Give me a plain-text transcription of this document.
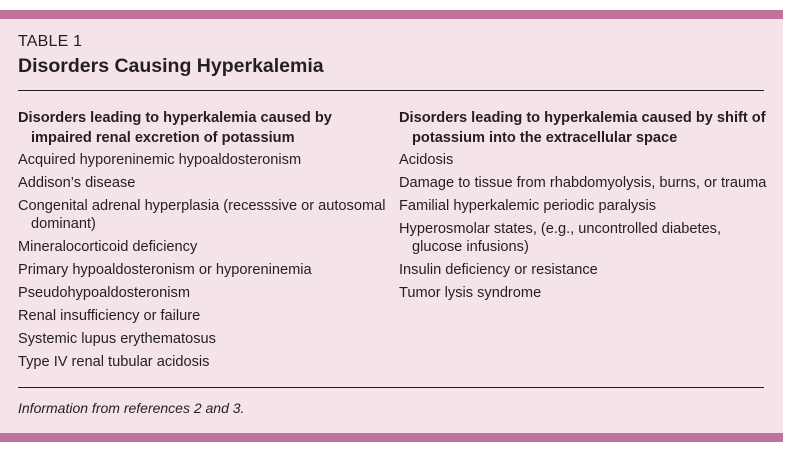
TABLE 1
Disorders Causing Hyperkalemia
Disorders leading to hyperkalemia caused by impaired renal excretion of potassium
Acquired hyporeninemic hypoaldosteronism
Addison’s disease
Congenital adrenal hyperplasia (recesssive or autosomal dominant)
Mineralocorticoid deficiency
Primary hypoaldosteronism or hyporeninemia
Pseudohypoaldosteronism
Renal insufficiency or failure
Systemic lupus erythematosus
Type IV renal tubular acidosis
Disorders leading to hyperkalemia caused by shift of potassium into the extracellular space
Acidosis
Damage to tissue from rhabdomyolysis, burns, or trauma
Familial hyperkalemic periodic paralysis
Hyperosmolar states, (e.g., uncontrolled diabetes, glucose infusions)
Insulin deficiency or resistance
Tumor lysis syndrome
Information from references 2 and 3.
